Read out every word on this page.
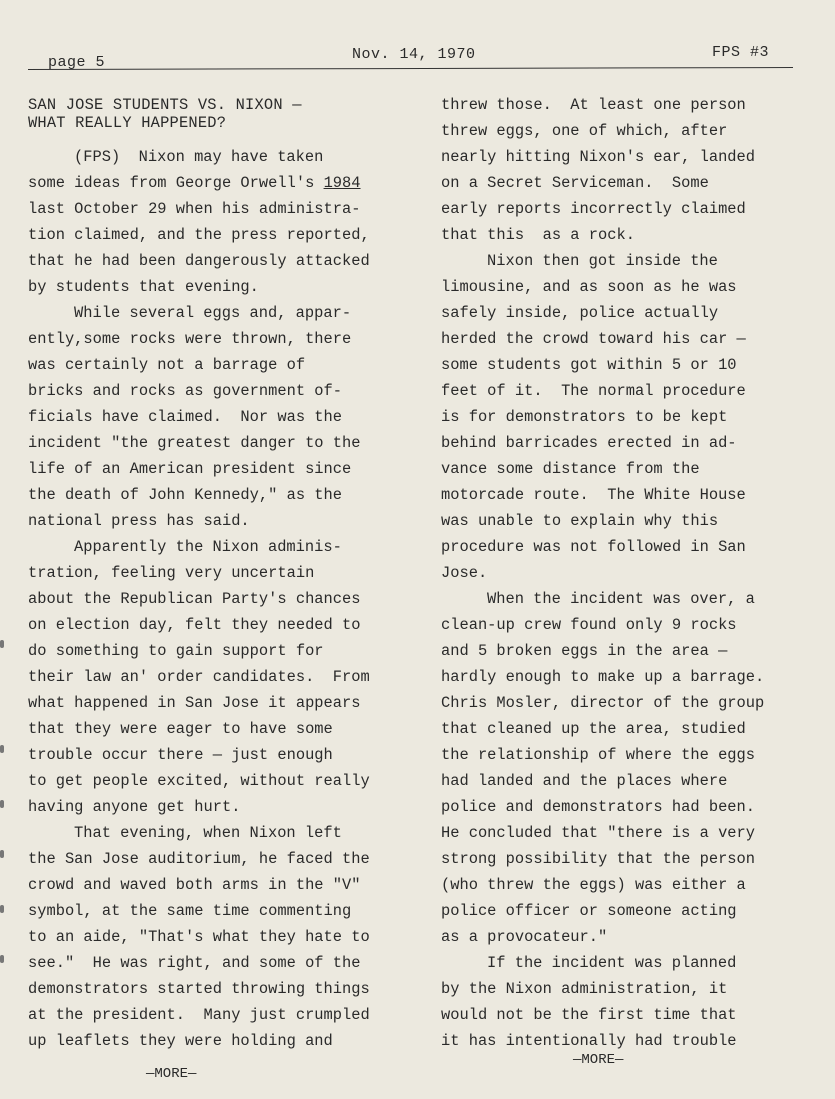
page 5	Nov. 14, 1970	FPS #3
SAN JOSE STUDENTS VS. NIXON —
WHAT REALLY HAPPENED?
(FPS)  Nixon may have taken
some ideas from George Orwell's 1984
last October 29 when his administra-
tion claimed, and the press reported,
that he had been dangerously attacked
by students that evening.
While several eggs and, appar-
ently,some rocks were thrown, there
was certainly not a barrage of
bricks and rocks as government of-
ficials have claimed.  Nor was the
incident "the greatest danger to the
life of an American president since
the death of John Kennedy," as the
national press has said.
Apparently the Nixon adminis-
tration, feeling very uncertain
about the Republican Party's chances
on election day, felt they needed to
do something to gain support for
their law an' order candidates.  From
what happened in San Jose it appears
that they were eager to have some
trouble occur there — just enough
to get people excited, without really
having anyone get hurt.
That evening, when Nixon left
the San Jose auditorium, he faced the
crowd and waved both arms in the "V"
symbol, at the same time commenting
to an aide, "That's what they hate to
see."  He was right, and some of the
demonstrators started throwing things
at the president.  Many just crumpled
up leaflets they were holding and
threw those.  At least one person
threw eggs, one of which, after
nearly hitting Nixon's ear, landed
on a Secret Serviceman.  Some
early reports incorrectly claimed
that this  as a rock.
Nixon then got inside the
limousine, and as soon as he was
safely inside, police actually
herded the crowd toward his car —
some students got within 5 or 10
feet of it.  The normal procedure
is for demonstrators to be kept
behind barricades erected in ad-
vance some distance from the
motorcade route.  The White House
was unable to explain why this
procedure was not followed in San
Jose.
When the incident was over, a
clean-up crew found only 9 rocks
and 5 broken eggs in the area —
hardly enough to make up a barrage.
Chris Mosler, director of the group
that cleaned up the area, studied
the relationship of where the eggs
had landed and the places where
police and demonstrators had been.
He concluded that "there is a very
strong possibility that the person
(who threw the eggs) was either a
police officer or someone acting
as a provocateur."
If the incident was planned
by the Nixon administration, it
would not be the first time that
it has intentionally had trouble
—MORE—
—MORE—
